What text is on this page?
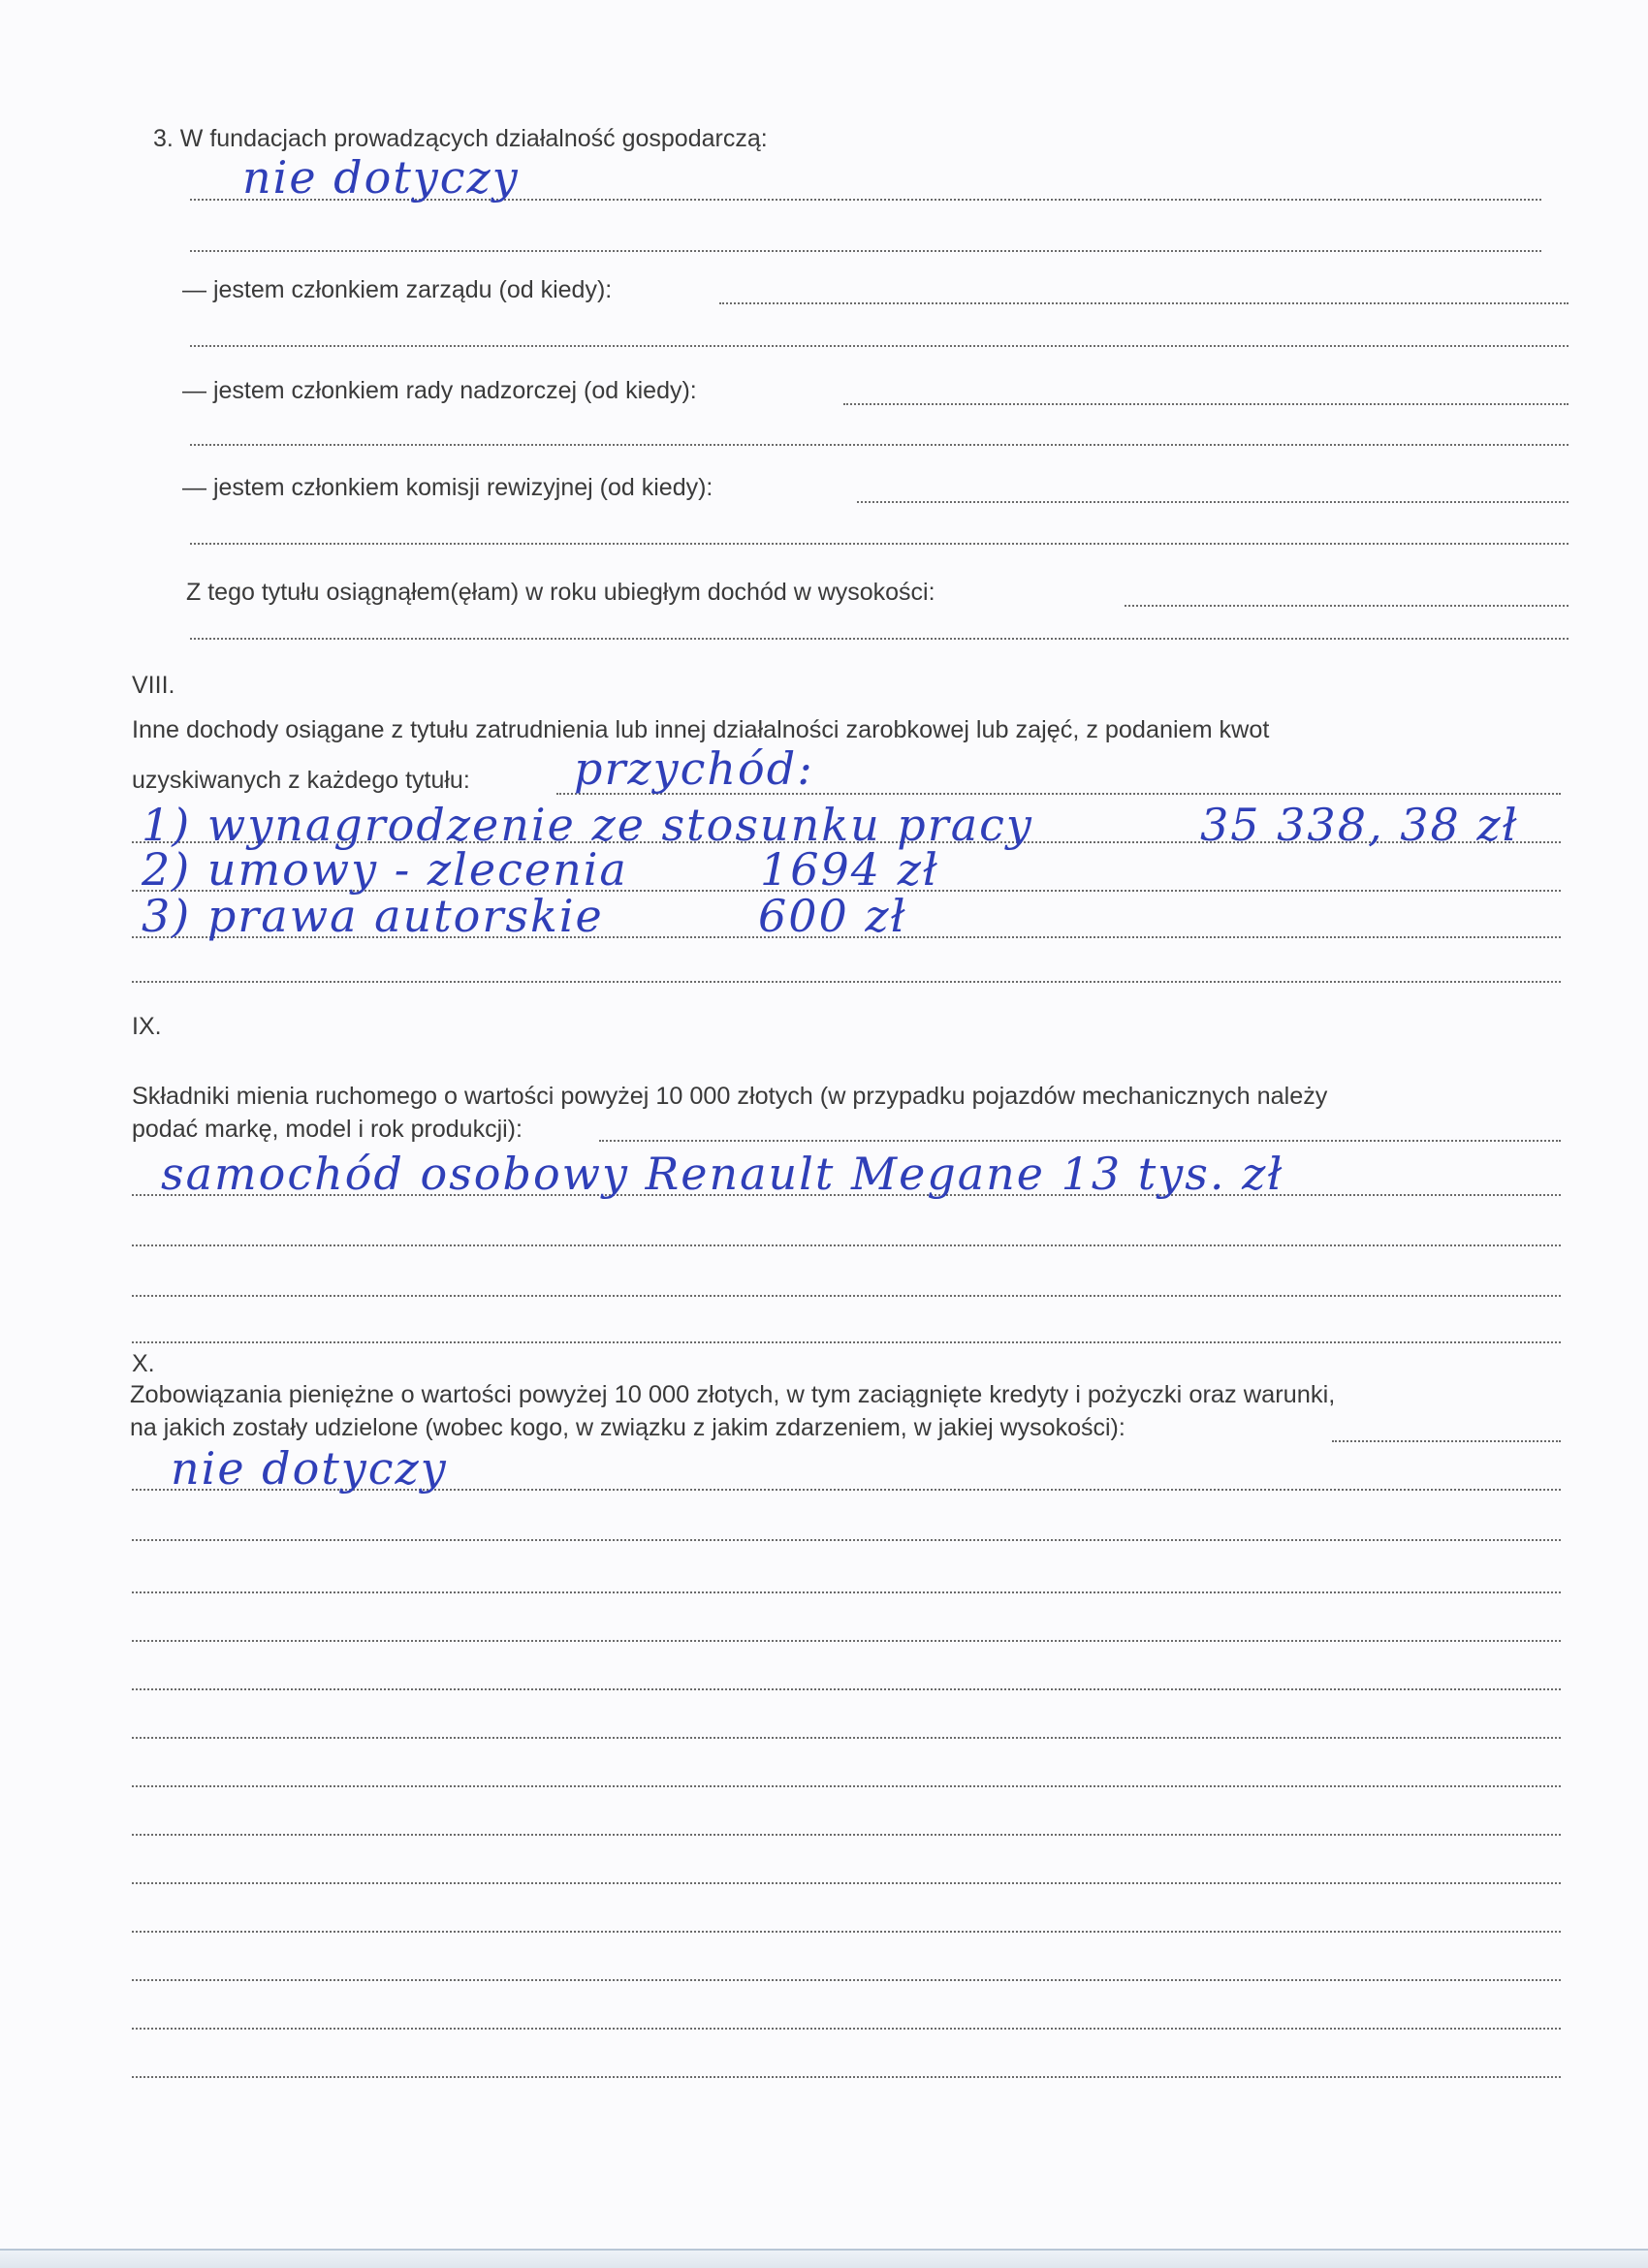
3. W fundacjach prowadzących działalność gospodarczą:
nie dotyczy
— jestem członkiem zarządu (od kiedy):
— jestem członkiem rady nadzorczej (od kiedy):
— jestem członkiem komisji rewizyjnej (od kiedy):
Z tego tytułu osiągnąłem(ęłam) w roku ubiegłym dochód w wysokości:
VIII.
Inne dochody osiągane z tytułu zatrudnienia lub innej działalności zarobkowej lub zajęć, z podaniem kwot
uzyskiwanych z każdego tytułu: przychód:
1) wynagrodzenie ze stosunku pracy	35 338, 38 zł
2) umowy - zlecenia	1694 zł
3) prawa autorskie	600 zł
IX.
Składniki mienia ruchomego o wartości powyżej 10 000 złotych (w przypadku pojazdów mechanicznych należy
podać markę, model i rok produkcji):
samochód osobowy Renault Megane 13 tys. zł
X.
Zobowiązania pieniężne o wartości powyżej 10 000 złotych, w tym zaciągnięte kredyty i pożyczki oraz warunki,
na jakich zostały udzielone (wobec kogo, w związku z jakim zdarzeniem, w jakiej wysokości):
nie dotyczy
